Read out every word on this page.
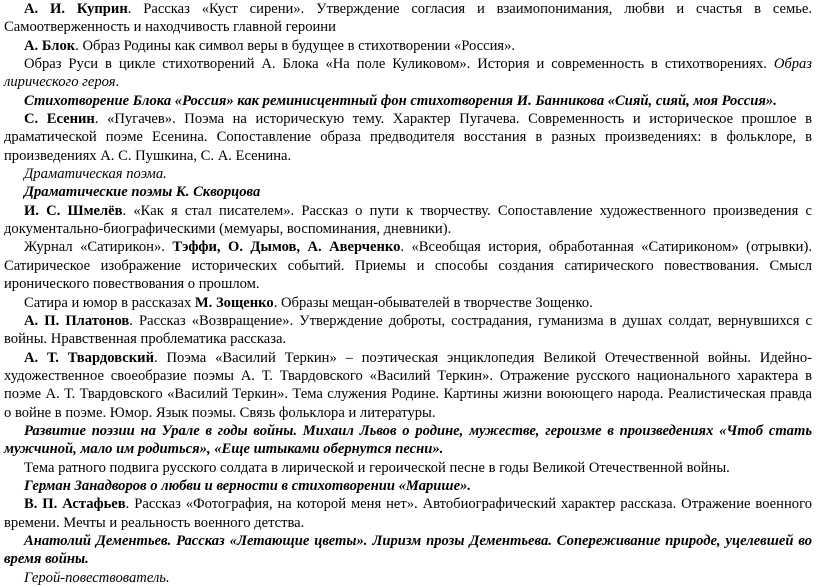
А. И. Куприн. Рассказ «Куст сирени». Утверждение согласия и взаимопонимания, любви и счастья в семье. Самоотверженность и находчивость главной героини

А. Блок. Образ Родины как символ веры в будущее в стихотворении «Россия».

Образ Руси в цикле стихотворений А. Блока «На поле Куликовом». История и современность в стихотворениях. Образ лирического героя.

Стихотворение Блока «Россия» как реминисцентный фон стихотворения И. Банникова «Сияй, сияй, моя Россия».

С. Есенин. «Пугачев». Поэма на историческую тему. Характер Пугачева. Современность и историческое прошлое в драматической поэме Есенина. Сопоставление образа предводителя восстания в разных произведениях: в фольклоре, в произведениях А. С. Пушкина, С. А. Есенина.

Драматическая поэма.

Драматические поэмы К. Скворцова

И. С. Шмелёв. «Как я стал писателем». Рассказ о пути к творчеству. Сопоставление художественного произведения с документально-биографическими (мемуары, воспоминания, дневники).

Журнал «Сатирикон». Тэффи, О. Дымов, А. Аверченко. «Всеобщая история, обработанная «Сатириконом» (отрывки). Сатирическое изображение исторических событий. Приемы и способы создания сатирического повествования. Смысл иронического повествования о прошлом.

Сатира и юмор в рассказах М. Зощенко. Образы мещан-обывателей в творчестве Зощенко.

А. П. Платонов. Рассказ «Возвращение». Утверждение доброты, сострадания, гуманизма в душах солдат, вернувшихся с войны. Нравственная проблематика рассказа.

А. Т. Твардовский. Поэма «Василий Теркин» – поэтическая энциклопедия Великой Отечественной войны. Идейно-художественное своеобразие поэмы А. Т. Твардовского «Василий Теркин». Отражение русского национального характера в поэме А. Т. Твардовского «Василий Теркин». Тема служения Родине. Картины жизни воюющего народа. Реалистическая правда о войне в поэме. Юмор. Язык поэмы. Связь фольклора и литературы.

Развитие поэзии на Урале в годы войны. Михаил Львов о родине, мужестве, героизме в произведениях «Чтоб стать мужчиной, мало им родиться», «Еще штыками обернутся песни».

Тема ратного подвига русского солдата в лирической и героической песне в годы Великой Отечественной войны.

Герман Занадворов о любви и верности в стихотворении «Марише».

В. П. Астафьев. Рассказ «Фотография, на которой меня нет». Автобиографический характер рассказа. Отражение военного времени. Мечты и реальность военного детства.

Анатолий Дементьев. Рассказ «Летающие цветы». Лиризм прозы Дементьева. Сопереживание природе, уцелевшей во время войны.

Герой-повествователь.
